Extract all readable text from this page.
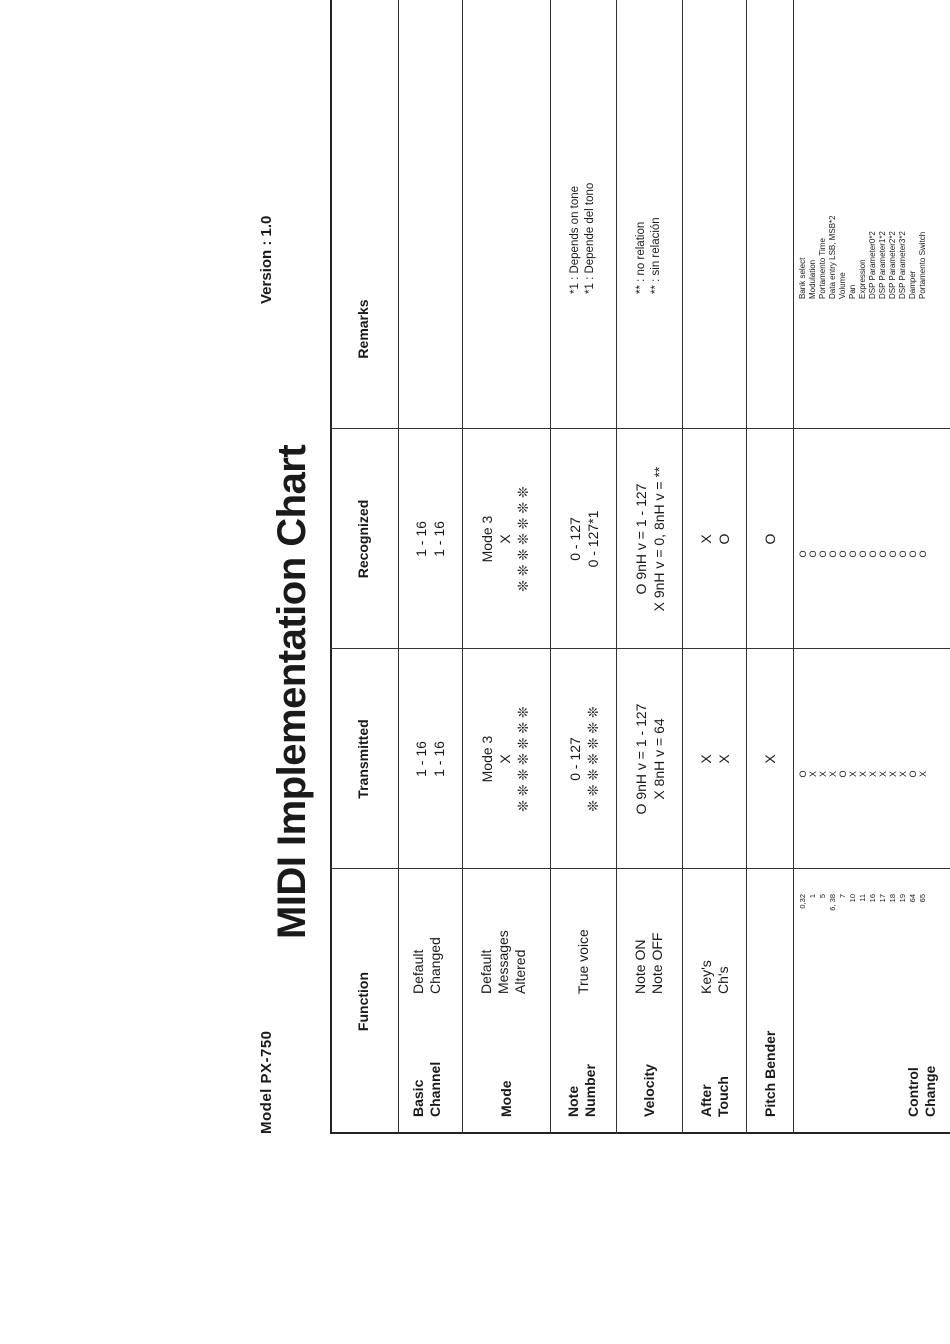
Model PX-750
MIDI Implementation Chart
Version : 1.0
Function
Transmitted
Recognized
Remarks
Basic Channel
Default Changed
1 - 16 1 - 16
1 - 16 1 - 16
Mode
Default Messages Altered
Mode 3 X ❊ ❊ ❊ ❊ ❊ ❊ ❊
Mode 3 X ❊ ❊ ❊ ❊ ❊ ❊ ❊
Note Number
True voice
0 - 127 ❊ ❊ ❊ ❊ ❊ ❊ ❊
0 - 127 0 - 127*1
*1 : Depends on tone *1 : Depende del tono
Velocity
Note ON Note OFF
O 9nH v = 1 - 127 X 8nH v = 64
O 9nH v = 1 - 127 X 9nH v = 0, 8nH v = **
** : no relation ** : sin relación
After Touch
Key's Ch's
X X
X O
Pitch Bender
X
O
Control Change
0,32 1 5 6, 38 7 10 11 16 17 18 19 64 65
O X X X O X X X X X X O X
O O O O O O O O O O O O O
Bank select Modulation Portamento Time Data entry LSB, MSB*2 Volume Pan Expression DSP Parameter0*2 DSP Parameter1*2 DSP Parameter2*2 DSP Parameter3*2 Damper Portamento Switch
